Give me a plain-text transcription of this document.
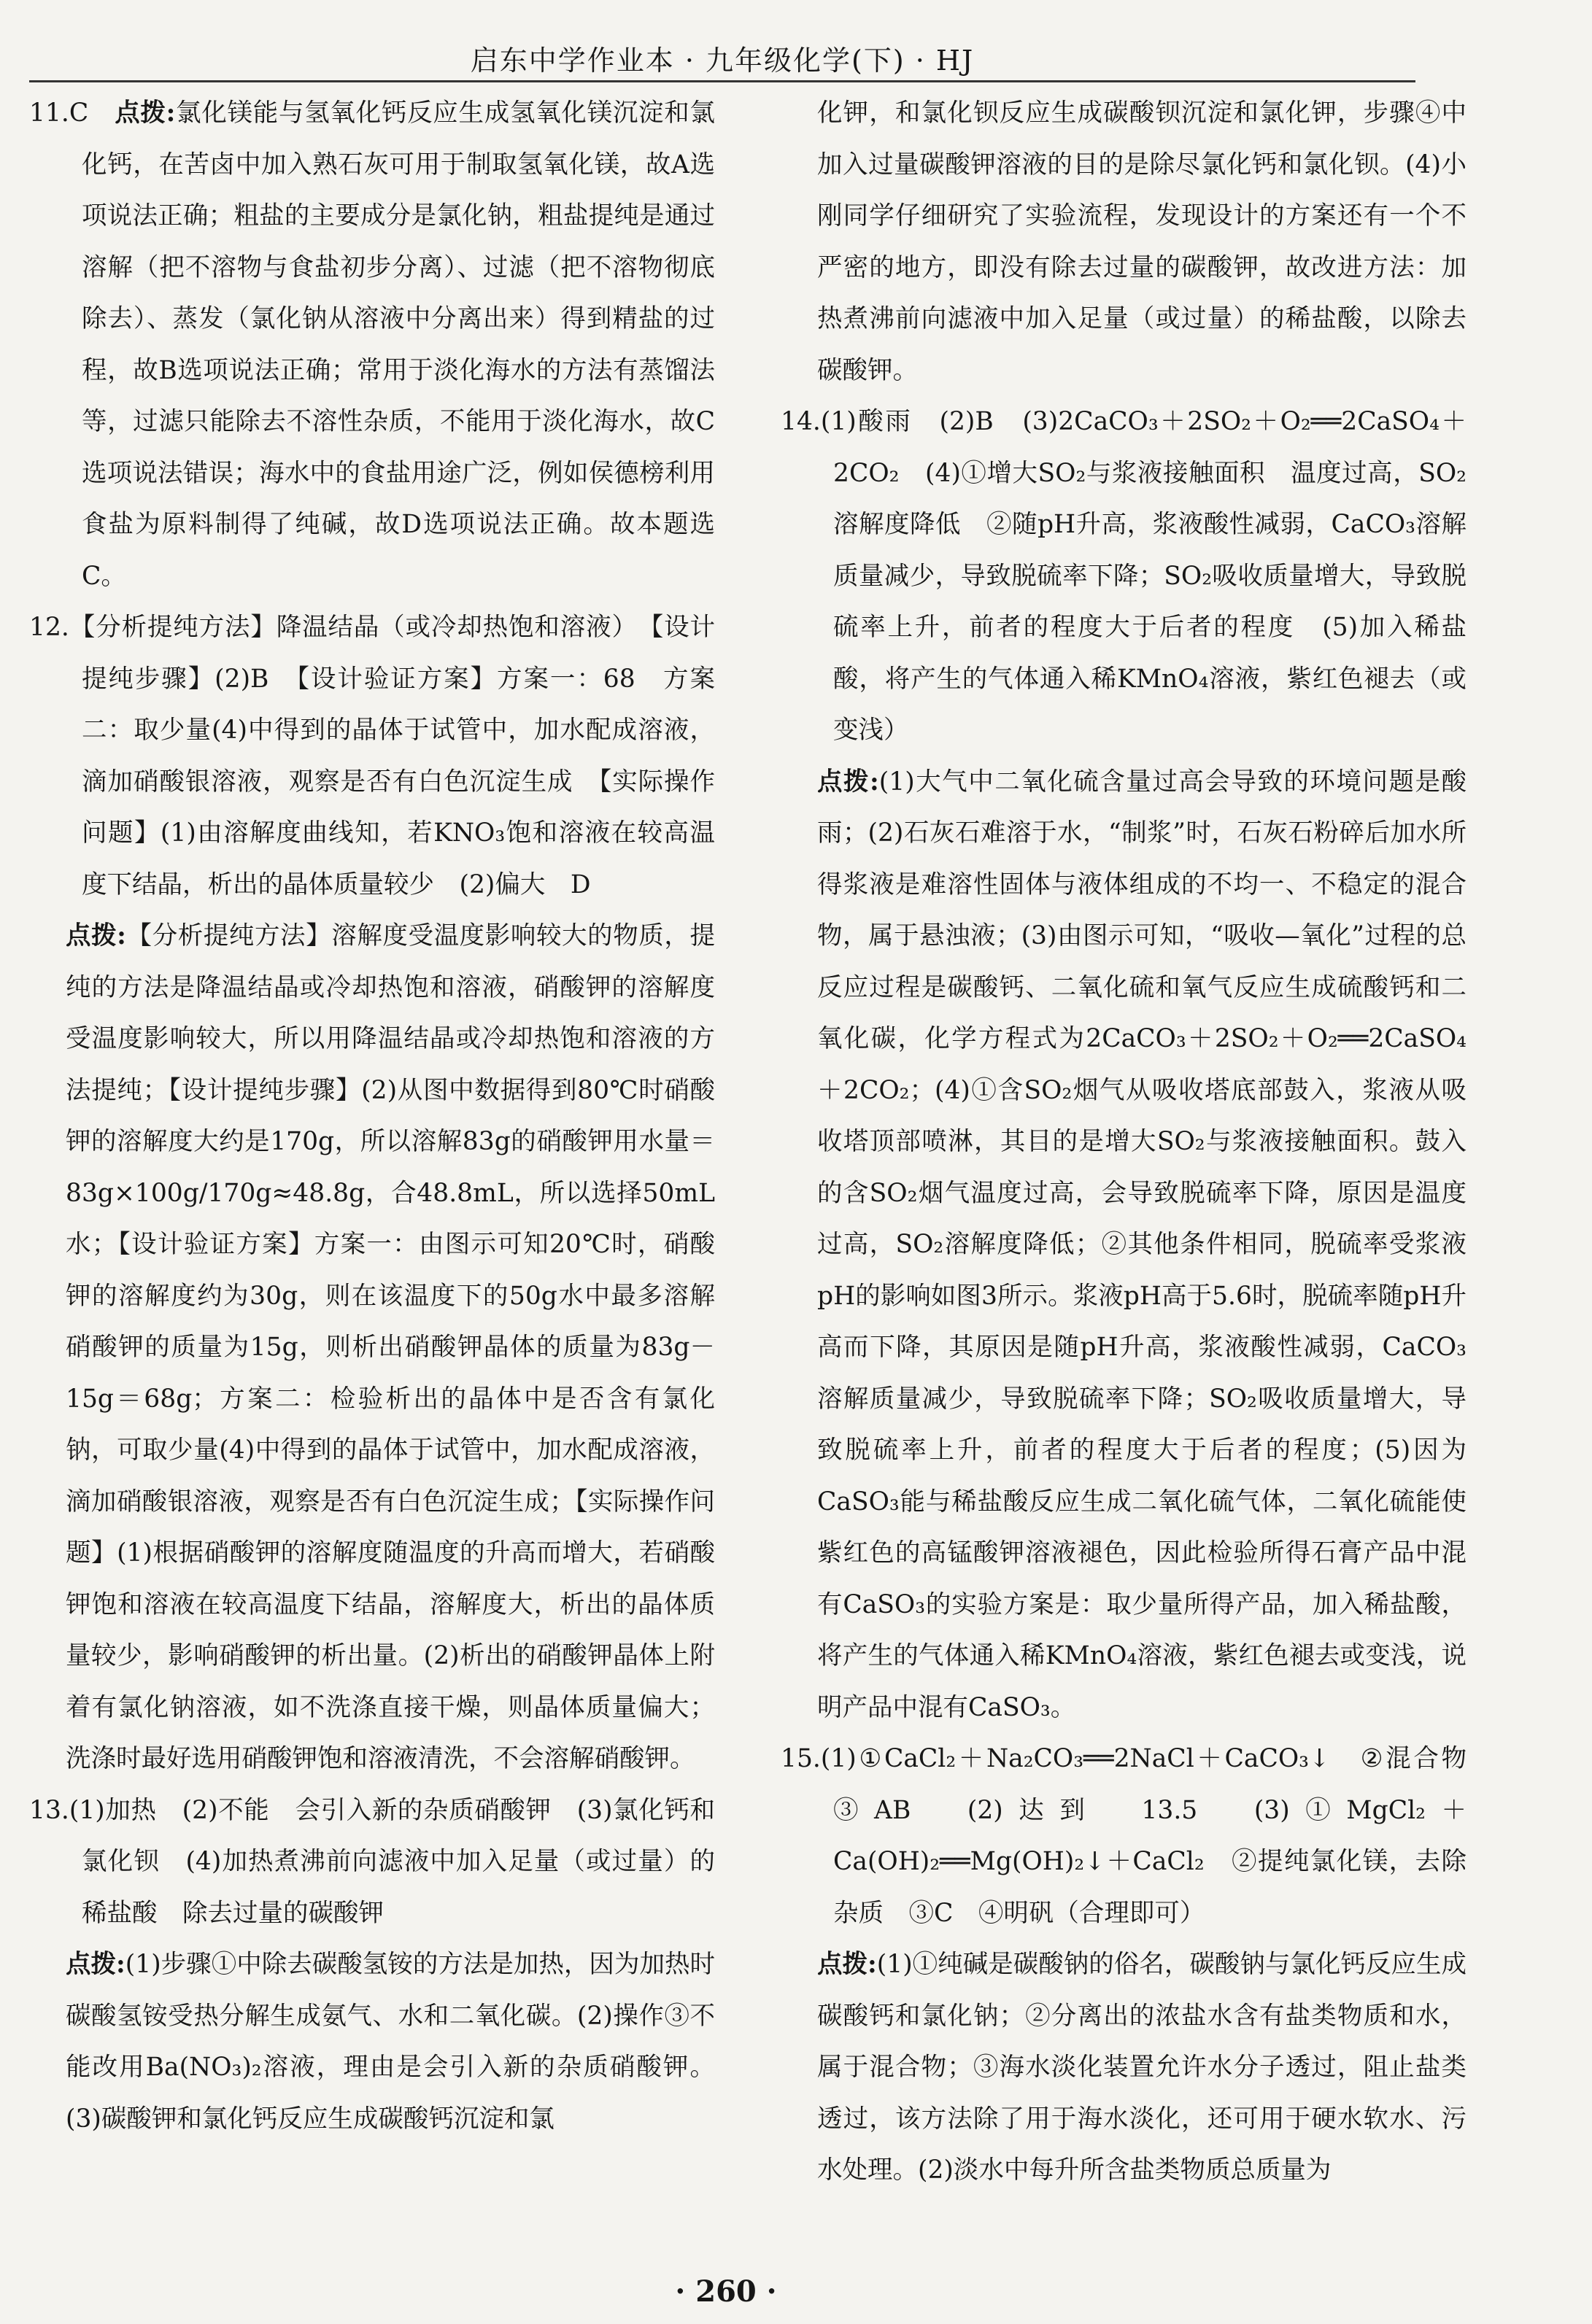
启东中学作业本 · 九年级化学(下) · HJ

11.C　 点拨:氯化镁能与氢氧化钙反应生成氢氧化镁沉淀和氯化钙，在苦卤中加入熟石灰可用于制取氢氧化镁，故A选项说法正确；粗盐的主要成分是氯化钠，粗盐提纯是通过溶解（把不溶物与食盐初步分离）、过滤（把不溶物彻底除去）、蒸发（氯化钠从溶液中分离出来）得到精盐的过程，故B选项说法正确；常用于淡化海水的方法有蒸馏法等，过滤只能除去不溶性杂质，不能用于淡化海水，故C选项说法错误；海水中的食盐用途广泛，例如侯德榜利用食盐为原料制得了纯碱，故D选项说法正确。故本题选C。

12.【分析提纯方法】降温结晶（或冷却热饱和溶液）　【设计提纯步骤】(2)B　【设计验证方案】方案一：68　方案二：取少量(4)中得到的晶体于试管中，加水配成溶液，滴加硝酸银溶液，观察是否有白色沉淀生成　【实际操作问题】(1)由溶解度曲线知，若KNO₃饱和溶液在较高温度下结晶，析出的晶体质量较少　(2)偏大　D

点拨:【分析提纯方法】溶解度受温度影响较大的物质，提纯的方法是降温结晶或冷却热饱和溶液，硝酸钾的溶解度受温度影响较大，所以用降温结晶或冷却热饱和溶液的方法提纯；【设计提纯步骤】(2)从图中数据得到80℃时硝酸钾的溶解度大约是170g，所以溶解83g的硝酸钾用水量＝83g×100g/170g≈48.8g，合48.8mL，所以选择50mL水；【设计验证方案】方案一：由图示可知20℃时，硝酸钾的溶解度约为30g，则在该温度下的50g水中最多溶解硝酸钾的质量为15g，则析出硝酸钾晶体的质量为83g－15g＝68g；方案二：检验析出的晶体中是否含有氯化钠，可取少量(4)中得到的晶体于试管中，加水配成溶液，滴加硝酸银溶液，观察是否有白色沉淀生成；【实际操作问题】(1)根据硝酸钾的溶解度随温度的升高而增大，若硝酸钾饱和溶液在较高温度下结晶，溶解度大，析出的晶体质量较少，影响硝酸钾的析出量。(2)析出的硝酸钾晶体上附着有氯化钠溶液，如不洗涤直接干燥，则晶体质量偏大；洗涤时最好选用硝酸钾饱和溶液清洗，不会溶解硝酸钾。

13.(1)加热　(2)不能　会引入新的杂质硝酸钾　(3)氯化钙和氯化钡　(4)加热煮沸前向滤液中加入足量（或过量）的稀盐酸　除去过量的碳酸钾

点拨:(1)步骤①中除去碳酸氢铵的方法是加热，因为加热时碳酸氢铵受热分解生成氨气、水和二氧化碳。(2)操作③不能改用Ba(NO₃)₂溶液，理由是会引入新的杂质硝酸钾。(3)碳酸钾和氯化钙反应生成碳酸钙沉淀和氯

化钾，和氯化钡反应生成碳酸钡沉淀和氯化钾，步骤④中加入过量碳酸钾溶液的目的是除尽氯化钙和氯化钡。(4)小刚同学仔细研究了实验流程，发现设计的方案还有一个不严密的地方，即没有除去过量的碳酸钾，故改进方法：加热煮沸前向滤液中加入足量（或过量）的稀盐酸，以除去碳酸钾。

14.(1)酸雨　(2)B　(3)2CaCO₃＋2SO₂＋O₂══2CaSO₄＋2CO₂　(4)①增大SO₂与浆液接触面积　温度过高，SO₂溶解度降低　②随pH升高，浆液酸性减弱，CaCO₃溶解质量减少，导致脱硫率下降；SO₂吸收质量增大，导致脱硫率上升，前者的程度大于后者的程度　(5)加入稀盐酸，将产生的气体通入稀KMnO₄溶液，紫红色褪去（或变浅）

点拨:(1)大气中二氧化硫含量过高会导致的环境问题是酸雨；(2)石灰石难溶于水，“制浆”时，石灰石粉碎后加水所得浆液是难溶性固体与液体组成的不均一、不稳定的混合物，属于悬浊液；(3)由图示可知，“吸收—氧化”过程的总反应过程是碳酸钙、二氧化硫和氧气反应生成硫酸钙和二氧化碳，化学方程式为2CaCO₃＋2SO₂＋O₂══2CaSO₄＋2CO₂；(4)①含SO₂烟气从吸收塔底部鼓入，浆液从吸收塔顶部喷淋，其目的是增大SO₂与浆液接触面积。鼓入的含SO₂烟气温度过高，会导致脱硫率下降，原因是温度过高，SO₂溶解度降低；②其他条件相同，脱硫率受浆液pH的影响如图3所示。浆液pH高于5.6时，脱硫率随pH升高而下降，其原因是随pH升高，浆液酸性减弱，CaCO₃溶解质量减少，导致脱硫率下降；SO₂吸收质量增大，导致脱硫率上升，前者的程度大于后者的程度；(5)因为CaSO₃能与稀盐酸反应生成二氧化硫气体，二氧化硫能使紫红色的高锰酸钾溶液褪色，因此检验所得石膏产品中混有CaSO₃的实验方案是：取少量所得产品，加入稀盐酸，将产生的气体通入稀KMnO₄溶液，紫红色褪去或变浅，说明产品中混有CaSO₃。

15.(1)①CaCl₂＋Na₂CO₃══2NaCl＋CaCO₃↓　②混合物　③AB　(2)达到　13.5　(3)①MgCl₂＋Ca(OH)₂══Mg(OH)₂↓＋CaCl₂　②提纯氯化镁，去除杂质　③C　④明矾（合理即可）

点拨:(1)①纯碱是碳酸钠的俗名，碳酸钠与氯化钙反应生成碳酸钙和氯化钠；②分离出的浓盐水含有盐类物质和水，属于混合物；③海水淡化装置允许水分子透过，阻止盐类透过，该方法除了用于海水淡化，还可用于硬水软水、污水处理。(2)淡水中每升所含盐类物质总质量为

· 260 ·
